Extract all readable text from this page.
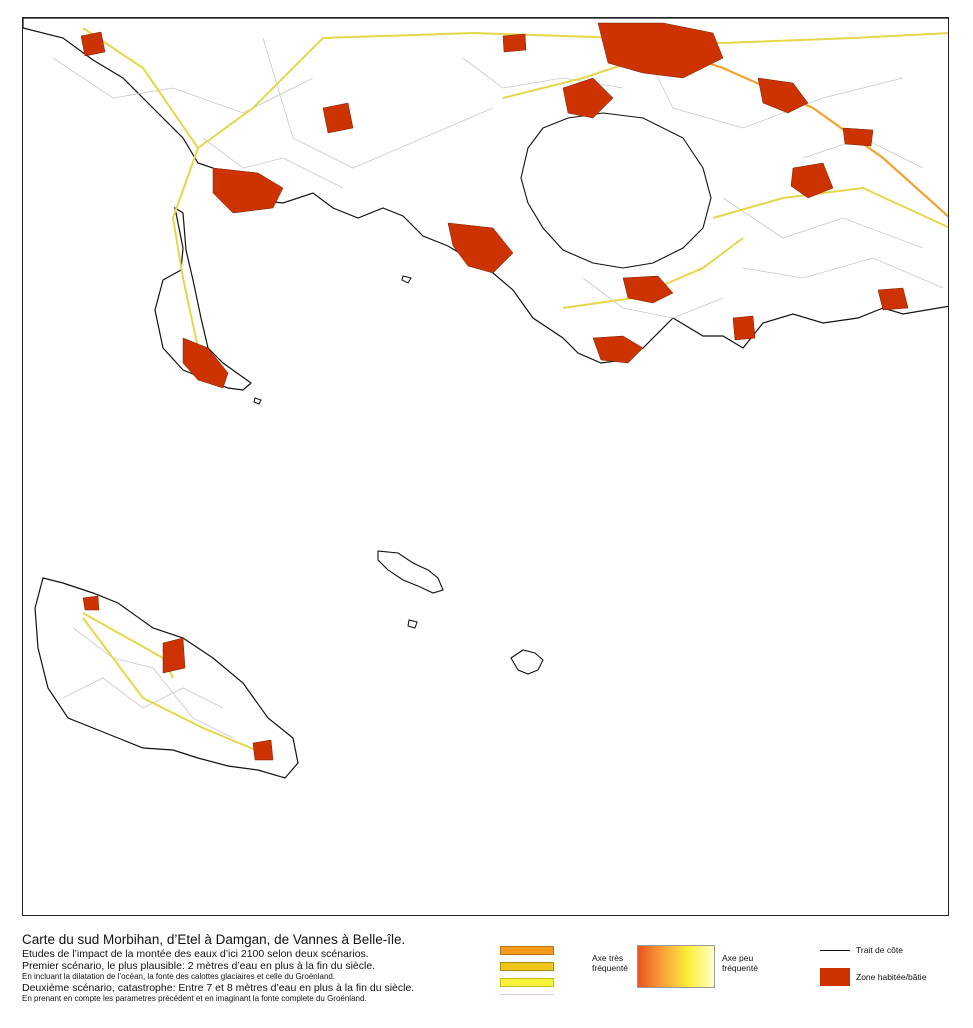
Carte du sud Morbihan, d’Etel à Damgan, de Vannes à Belle-île.
Etudes de l’impact de la montée des eaux d’ici 2100 selon deux scénarios.
Premier scénario, le plus plausible: 2 mètres d’eau en plus à la fin du siècle.
En incluant la dilatation de l’océan, la fonte des calottes glaciaires et celle du Groënland.
Deuxième scénario, catastrophe: Entre 7 et 8 mètres d’eau en plus à la fin du siècle.
En prenant en compte les parametres précédent et en imaginant la fonte complete du Groënland.
Axe très fréquenté
Axe peu fréquenté
Trait de côte
Zone habitée/bâtie
